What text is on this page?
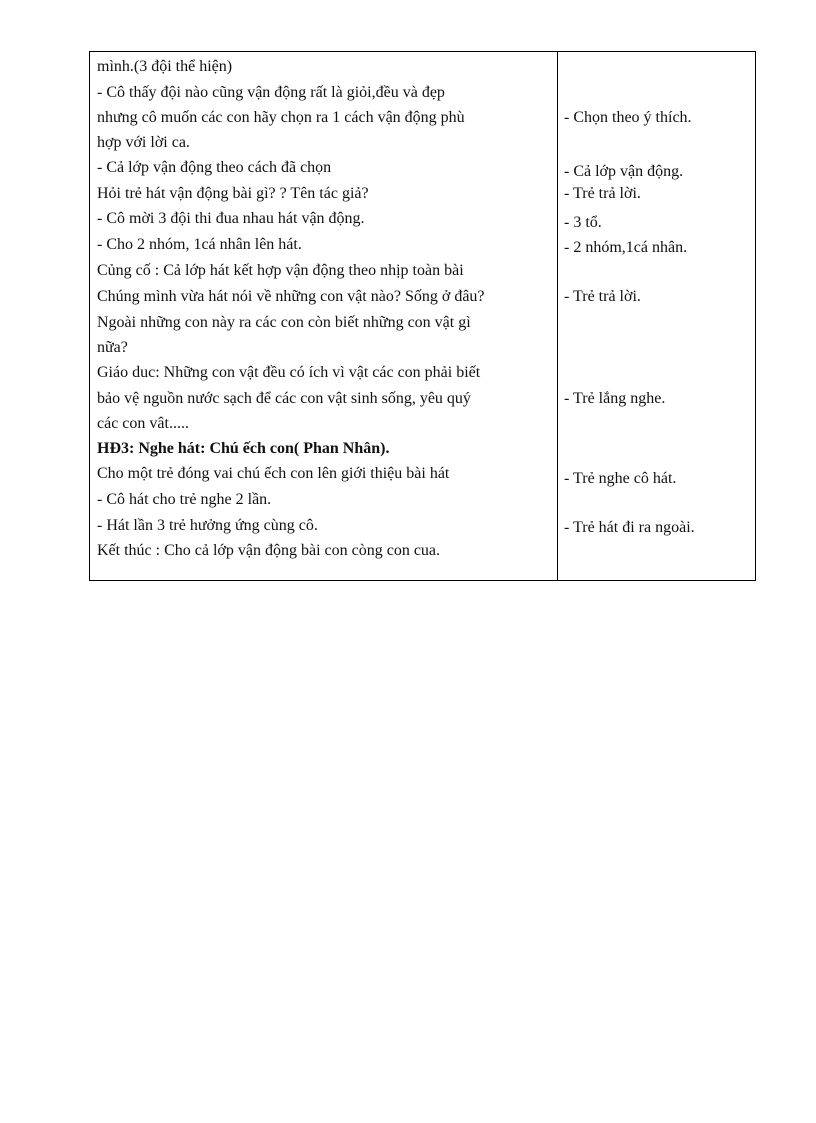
mình.(3 đội thể hiện)
- Cô thấy đội nào cũng vận động rất là giỏi,đều và đẹp
nhưng cô muốn các con hãy chọn ra 1 cách vận động phù
hợp với lời ca.
- Cả lớp vận động theo cách đã chọn
Hỏi trẻ hát vận động bài gì? ? Tên tác giả?
- Cô mời 3 đội thi đua nhau hát vận động.
- Cho 2 nhóm, 1cá nhân lên hát.
Củng cố : Cả lớp hát kết hợp vận động theo nhịp toàn bài
Chúng mình vừa hát nói về những con vật nào? Sống ở đâu?
Ngoài những con này ra các con còn biết những con vật gì
nữa?
Giáo duc: Những con vật đều có ích vì vật các con phải biết
bảo vệ nguồn nước sạch để các con vật sinh sống, yêu quý
các con vât.....
HĐ3: Nghe hát: Chú ếch con( Phan Nhân).
Cho một trẻ đóng vai chú ếch con lên giới thiệu bài hát
- Cô hát cho trẻ nghe 2 lần.
- Hát lần 3 trẻ hưởng ứng cùng cô.
Kết thúc : Cho cả lớp vận động bài con còng con cua.
- Chọn theo ý thích.
- Cả lớp vận động.
- Trẻ trả lời.
- 3 tổ.
- 2 nhóm,1cá nhân.
- Trẻ trả lời.
- Trẻ lắng nghe.
- Trẻ nghe cô hát.
- Trẻ hát đi ra ngoài.
